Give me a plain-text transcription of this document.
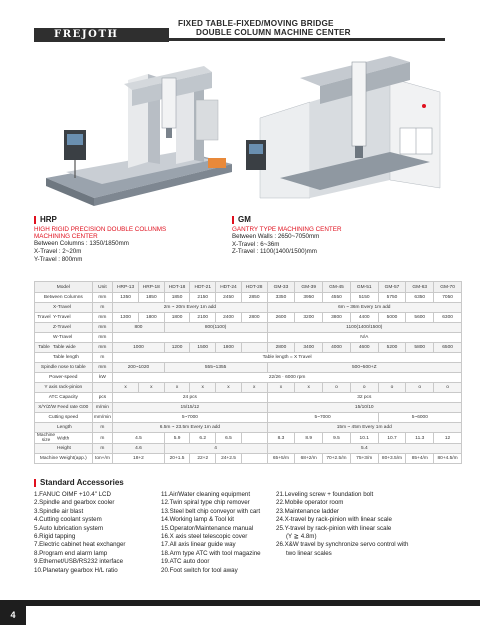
FREJOTH
FIXED TABLE-FIXED/MOVING BRIDGE
DOUBLE COLUMN MACHINE CENTER
HRP
HIGH RIGID PRECISION DOUBLE COLUNMS
MACHINING CENTER
Between Columns : 1350/1850mm
X-Travel : 2~20m
Y-Travel : 800mm
GM
GANTRY TYPE MACHINING CENTER
Between Walls : 2650~7050mm
X-Travel : 6~36m
Z-Travel : 1100(1400/1500)mm
Model	Unit	HRP-13	HRP-18	HDT-18	HDT-21	HDT-24	HDT-28	GM-33	GM-39	GM-45	GM-51	GM-57	GM-63	GM-70
Between Columns	mm	1350	1850	1850	2150	2450	2850	3350	3950	4550	5150	5750	6350	7050
X-Travel	m	2m ~ 20m Every 1m add						6m ~ 36m Every 1m add						
Travel Y-Travel	mm	1300	1800	1800	2100	2400	2800	2600	3200	3800	4400	5000	5600	6300
Z-Travel	mm	800		800(1100)				1100(1400/1500)						
W-Travel	mm							N/A						
Table Table wide	mm	1000		1200	1500	1800		2800	3400	4000	4600	5200	5800	6500
Table length	m	Table length = X Travel												
Spindle nose to table	mm	200~1020		555~1355				500~500+Z						
Power-speed	kW	22/26 · 6000 rpm												
Y axis rack-pinion		x	x	x	x	x	x	x	x	o	o	o	o	o
ATC Capacity	pcs	24 pcs						32 pcs						
X/Y/Z/W Feed rate G00	m/min	15/15/12						15/10/10						
Cutting speed	mm/min	5~7000						5~7000				5~6000		
Length	m	6.5m ~ 23.5m Every 1m add						15m ~ 45m Every 1m add						
Machine
size Width	m	4.5		5.9	6.2	6.5		8.3	8.9	9.5	10.1	10.7	11.3	12
Height	m	4.6		4				5.4						
Machine Weight(app.)	ton+/m	18+2		20+1.5	22+2	24+2.5		65+5/m	68+2/m	70+2.5/m	75+3/m	80+3.5/m	85+4/m	80+4.5/m
Standard Accessories
1.FANUC OIMF +10.4" LCD
2.Spindle and gearbox cooler
3.Spindle air blast
4.Cutting coolant system
5.Auto lubrication system
6.Rigid tapping
7.Electric cabinet heat exchanger
8.Program end alarm lamp
9.Ethernet/USB/RS232 interface
10.Planetary gearbox H/L ratio
11.Air/Water cleaning equipment
12.Twin spiral type chip remover
13.Steel belt chip conveyor with cart
14.Working lamp & Tool kit
15.Operator/Maintenance manual
16.X axis steel telescopic cover
17.All axis linear guide way
18.Arm type ATC with tool magazine
19.ATC auto door
20.Foot switch for tool away
21.Leveling screw + foundation bolt
22.Mobile operator room
23.Maintenance ladder
24.X-travel by rack-pinion with linear scale
25.Y-travel by rack-pinion with linear scale
(Y ≧ 4.8m)
26.X&W travel by synchronize servo control with
two linear scales
4
